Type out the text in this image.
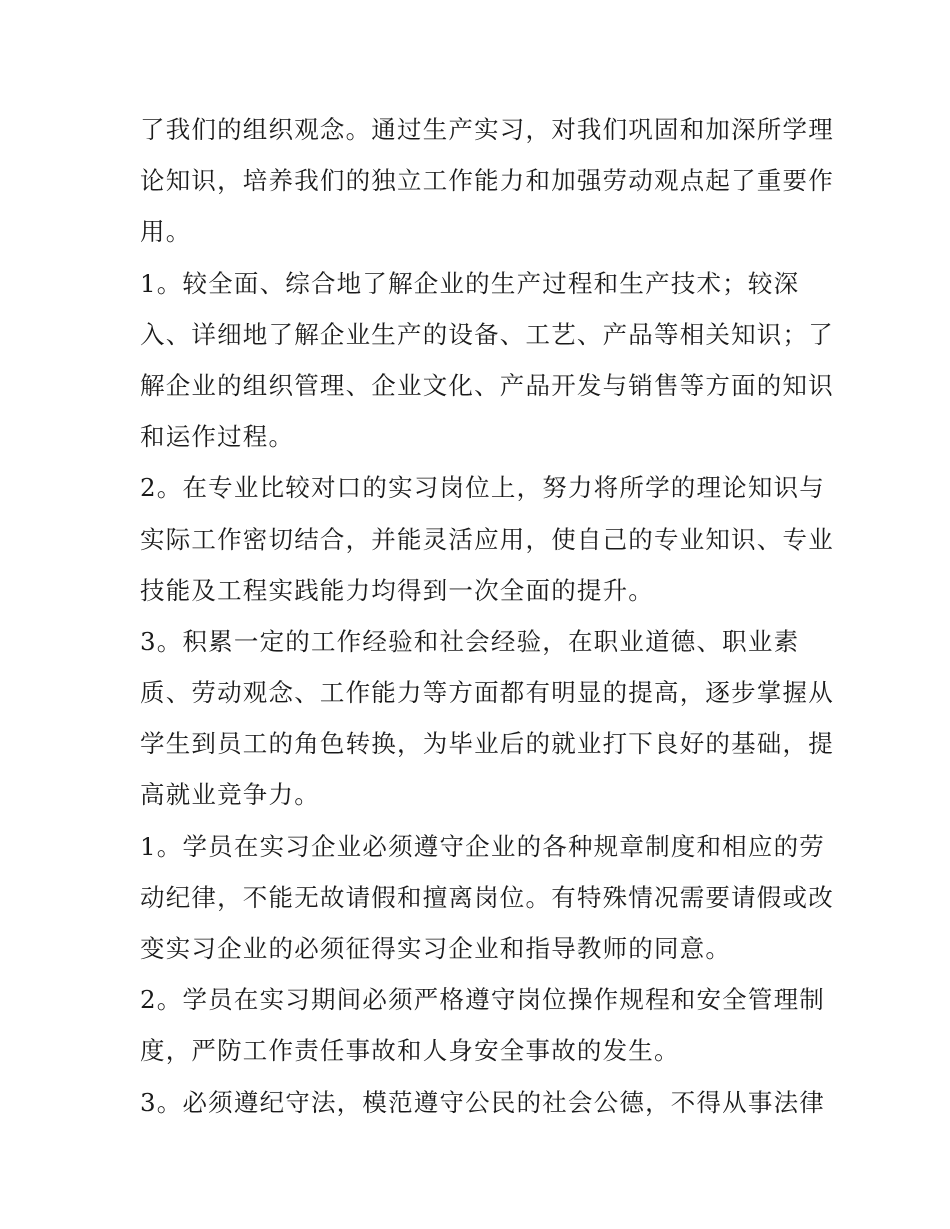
了我们的组织观念。通过生产实习，对我们巩固和加深所学理
论知识，培养我们的独立工作能力和加强劳动观点起了重要作
用。
1。较全面、综合地了解企业的生产过程和生产技术；较深
入、详细地了解企业生产的设备、工艺、产品等相关知识；了
解企业的组织管理、企业文化、产品开发与销售等方面的知识
和运作过程。
2。在专业比较对口的实习岗位上，努力将所学的理论知识与
实际工作密切结合，并能灵活应用，使自己的专业知识、专业
技能及工程实践能力均得到一次全面的提升。
3。积累一定的工作经验和社会经验，在职业道德、职业素
质、劳动观念、工作能力等方面都有明显的提高，逐步掌握从
学生到员工的角色转换，为毕业后的就业打下良好的基础，提
高就业竞争力。
1。学员在实习企业必须遵守企业的各种规章制度和相应的劳
动纪律，不能无故请假和擅离岗位。有特殊情况需要请假或改
变实习企业的必须征得实习企业和指导教师的同意。
2。学员在实习期间必须严格遵守岗位操作规程和安全管理制
度，严防工作责任事故和人身安全事故的发生。
3。必须遵纪守法，模范遵守公民的社会公德，不得从事法律
